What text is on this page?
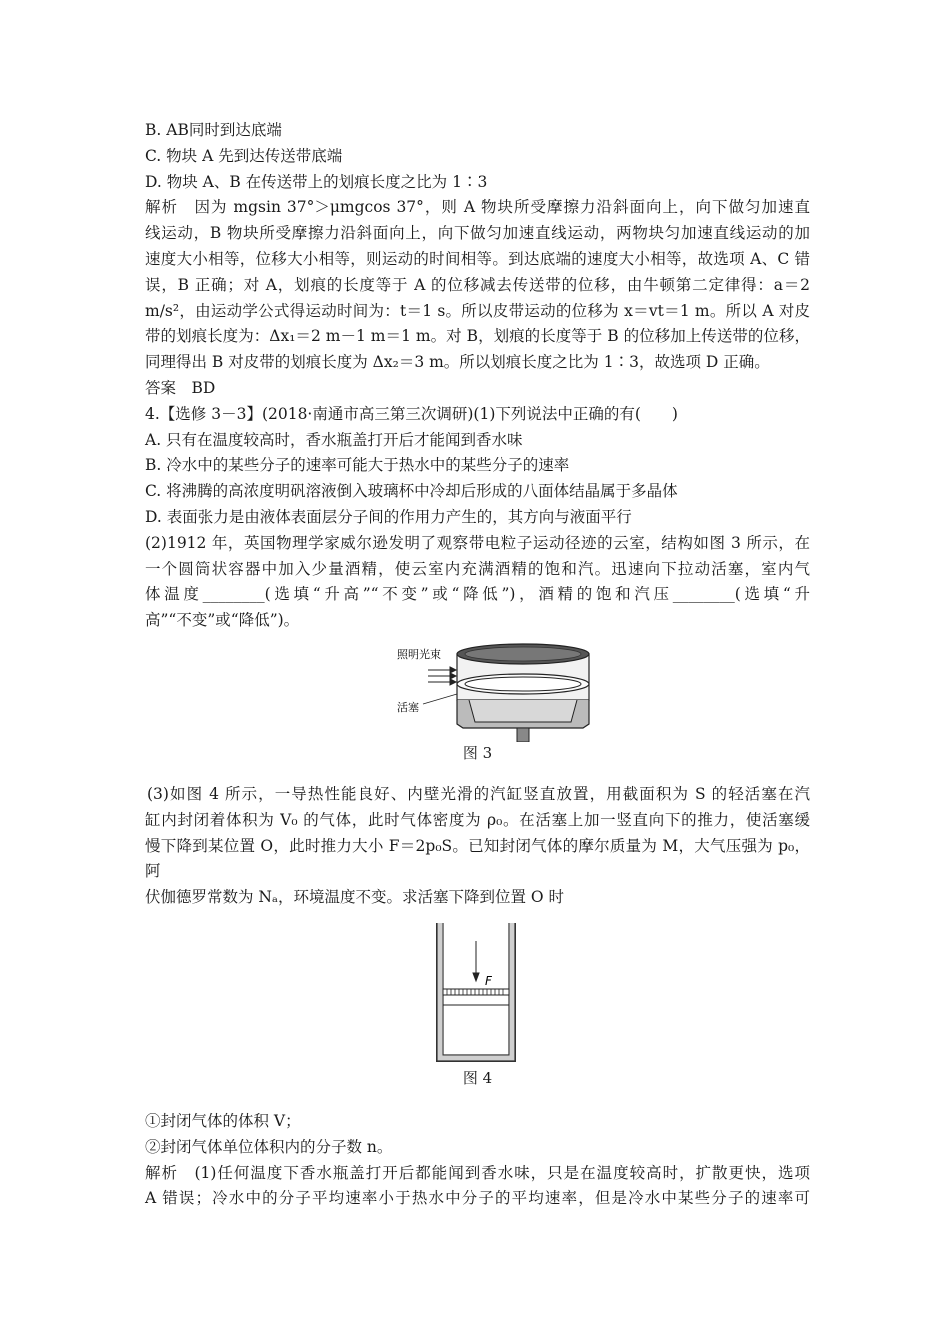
B. AB同时到达底端

C. 物块 A 先到达传送带底端

D. 物块 A、B 在传送带上的划痕长度之比为 1∶3

解析　因为 mgsin 37°＞μmgcos 37°，则 A 物块所受摩擦力沿斜面向上，向下做匀加速直

线运动，B 物块所受摩擦力沿斜面向上，向下做匀加速直线运动，两物块匀加速直线运动的加

速度大小相等，位移大小相等，则运动的时间相等。到达底端的速度大小相等，故选项 A、C 错

误，B 正确；对 A，划痕的长度等于 A 的位移减去传送带的位移，由牛顿第二定律得：a＝2

m/s²，由运动学公式得运动时间为：t＝1 s。所以皮带运动的位移为 x＝vt＝1 m。所以 A 对皮

带的划痕长度为：Δx₁＝2 m－1 m＝1 m。对 B，划痕的长度等于 B 的位移加上传送带的位移，

同理得出 B 对皮带的划痕长度为 Δx₂＝3 m。所以划痕长度之比为 1∶3，故选项 D 正确。

答案　BD

4.【选修 3－3】(2018·南通市高三第三次调研)(1)下列说法中正确的有(　　)

A. 只有在温度较高时，香水瓶盖打开后才能闻到香水味

B. 冷水中的某些分子的速率可能大于热水中的某些分子的速率

C. 将沸腾的高浓度明矾溶液倒入玻璃杯中冷却后形成的八面体结晶属于多晶体

D. 表面张力是由液体表面层分子间的作用力产生的，其方向与液面平行

(2)1912 年，英国物理学家威尔逊发明了观察带电粒子运动径迹的云室，结构如图 3 所示，在

一个圆筒状容器中加入少量酒精，使云室内充满酒精的饱和汽。迅速向下拉动活塞，室内气

体温度________(选填“升高”“不变”或“降低”)，酒精的饱和汽压________(选填“升

高”“不变”或“降低”)。

照明光束
活塞
图 3

(3)如图 4 所示，一导热性能良好、内壁光滑的汽缸竖直放置，用截面积为 S 的轻活塞在汽

缸内封闭着体积为 V₀ 的气体，此时气体密度为 ρ₀。在活塞上加一竖直向下的推力，使活塞缓

慢下降到某位置 O，此时推力大小 F＝2p₀S。已知封闭气体的摩尔质量为 M，大气压强为 p₀，阿

伏伽德罗常数为 Nₐ，环境温度不变。求活塞下降到位置 O 时

F
图 4

①封闭气体的体积 V；

②封闭气体单位体积内的分子数 n。

解析　(1)任何温度下香水瓶盖打开后都能闻到香水味，只是在温度较高时，扩散更快，选项

A 错误；冷水中的分子平均速率小于热水中分子的平均速率，但是冷水中某些分子的速率可
